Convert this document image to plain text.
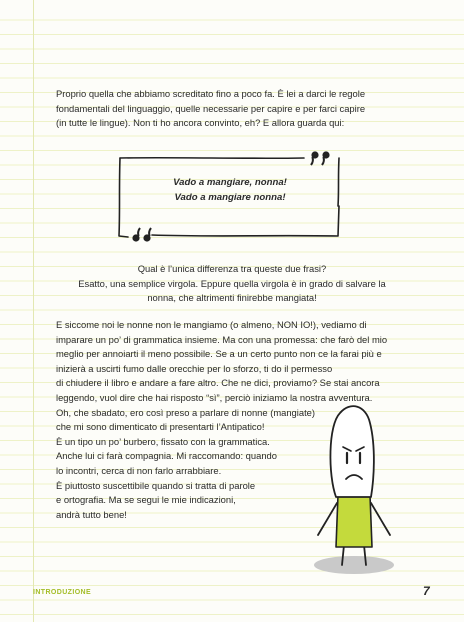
Proprio quella che abbiamo screditato fino a poco fa. È lei a darci le regole
fondamentali del linguaggio, quelle necessarie per capire e per farci capire
(in tutte le lingue). Non ti ho ancora convinto, eh? E allora guarda qui:

Vado a mangiare, nonna!
Vado a mangiare nonna!

Qual è l’unica differenza tra queste due frasi?
Esatto, una semplice virgola. Eppure quella virgola è in grado di salvare la
nonna, che altrimenti finirebbe mangiata!

E siccome noi le nonne non le mangiamo (o almeno, NON IO!), vediamo di
imparare un po’ di grammatica insieme. Ma con una promessa: che farò del mio
meglio per annoiarti il meno possibile. Se a un certo punto non ce la farai più e
inizierà a uscirti fumo dalle orecchie per lo sforzo, ti do il permesso
di chiudere il libro e andare a fare altro. Che ne dici, proviamo? Se stai ancora
leggendo, vuol dire che hai risposto “sì”, perciò iniziamo la nostra avventura.
Oh, che sbadato, ero così preso a parlare di nonne (mangiate)
che mi sono dimenticato di presentarti l’Antipatico!
È un tipo un po’ burbero, fissato con la grammatica.
Anche lui ci farà compagnia. Mi raccomando: quando
lo incontri, cerca di non farlo arrabbiare.
È piuttosto suscettibile quando si tratta di parole
e ortografia. Ma se segui le mie indicazioni,
andrà tutto bene!

INTRODUZIONE	7
